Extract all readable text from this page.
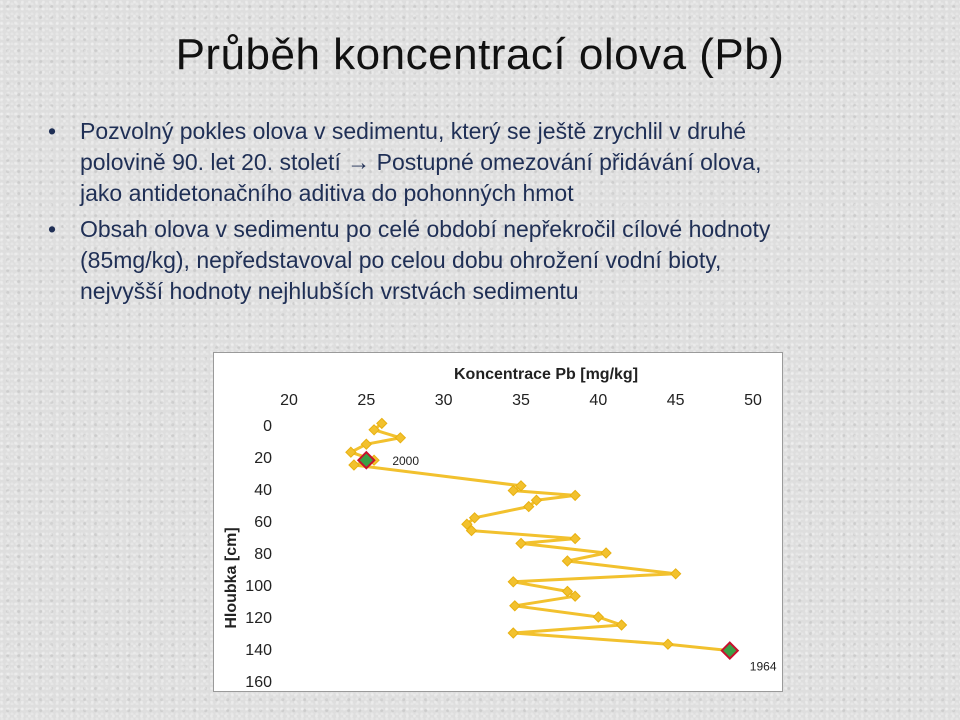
Průběh koncentrací olova (Pb)
• Pozvolný pokles olova v sedimentu, který se ještě zrychlil v druhé
polovině 90. let 20. století → Postupné omezování přidávání olova,
jako antidetonačního aditiva do pohonných hmot
• Obsah olova v sedimentu po celé období nepřekročil cílové hodnoty
(85mg/kg), nepředstavoval po celou dobu ohrožení vodní bioty,
nejvyšší hodnoty nejhlubších vrstvách sedimentu
Koncentrace Pb [mg/kg]
20	25	30	35	40	45	50
0
20
40
60
80
100
120
140
160
Hloubka [cm]
2000
1964
